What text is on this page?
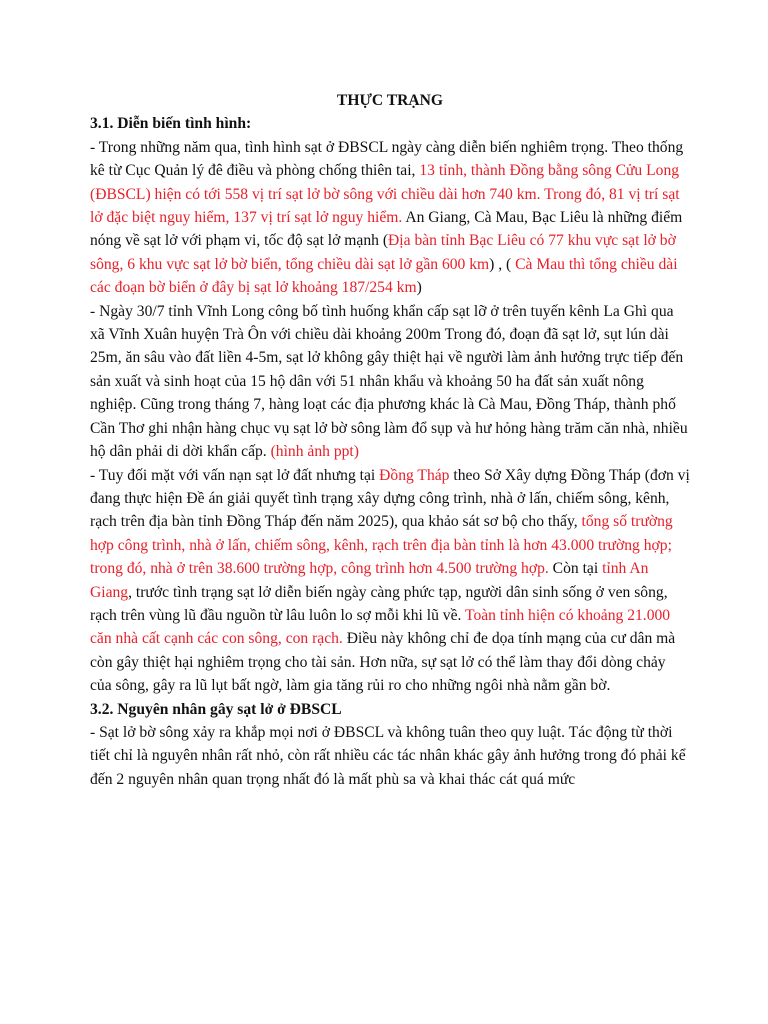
THỰC TRẠNG

3.1. Diễn biến tình hình:

- Trong những năm qua, tình hình sạt ở ĐBSCL ngày càng diễn biến nghiêm trọng. Theo thống kê từ Cục Quản lý đê điều và phòng chống thiên tai, 13 tỉnh, thành Đồng bằng sông Cửu Long (ĐBSCL) hiện có tới 558 vị trí sạt lở bờ sông với chiều dài hơn 740 km. Trong đó, 81 vị trí sạt lở đặc biệt nguy hiểm, 137 vị trí sạt lở nguy hiểm. An Giang, Cà Mau, Bạc Liêu là những điểm nóng về sạt lở với phạm vi, tốc độ sạt lở mạnh (Địa bàn tỉnh Bạc Liêu có 77 khu vực sạt lở bờ sông, 6 khu vực sạt lở bờ biển, tổng chiều dài sạt lở gần 600 km) , ( Cà Mau thì tổng chiều dài các đoạn bờ biển ở đây bị sạt lở khoảng 187/254 km)

- Ngày 30/7 tỉnh Vĩnh Long công bố tình huống khẩn cấp sạt lỡ ở trên tuyến kênh La Ghì qua xã Vĩnh Xuân huyện Trà Ôn với chiều dài khoảng 200m Trong đó, đoạn đã sạt lở, sụt lún dài 25m, ăn sâu vào đất liền 4-5m, sạt lở không gây thiệt hại về người làm ảnh hưởng trực tiếp đến sản xuất và sinh hoạt của 15 hộ dân với 51 nhân khẩu và khoảng 50 ha đất sản xuất nông nghiệp. Cũng trong tháng 7, hàng loạt các địa phương khác là Cà Mau, Đồng Tháp, thành phố Cần Thơ ghi nhận hàng chục vụ sạt lở bờ sông làm đổ sụp và hư hỏng hàng trăm căn nhà, nhiều hộ dân phải di dời khẩn cấp. (hình ảnh ppt)

- Tuy đối mặt với vấn nạn sạt lở đất nhưng tại Đồng Tháp theo Sở Xây dựng Đồng Tháp (đơn vị đang thực hiện Đề án giải quyết tình trạng xây dựng công trình, nhà ở lấn, chiếm sông, kênh, rạch trên địa bàn tỉnh Đồng Tháp đến năm 2025), qua khảo sát sơ bộ cho thấy, tổng số trường hợp công trình, nhà ở lấn, chiếm sông, kênh, rạch trên địa bàn tỉnh là hơn 43.000 trường hợp; trong đó, nhà ở trên 38.600 trường hợp, công trình hơn 4.500 trường hợp. Còn tại tỉnh An Giang, trước tình trạng sạt lở diễn biến ngày càng phức tạp, người dân sinh sống ở ven sông, rạch trên vùng lũ đầu nguồn từ lâu luôn lo sợ mỗi khi lũ về. Toàn tỉnh hiện có khoảng 21.000 căn nhà cất cạnh các con sông, con rạch. Điều này không chỉ đe dọa tính mạng của cư dân mà còn gây thiệt hại nghiêm trọng cho tài sản. Hơn nữa, sự sạt lở có thể làm thay đổi dòng chảy của sông, gây ra lũ lụt bất ngờ, làm gia tăng rủi ro cho những ngôi nhà nằm gần bờ.

3.2. Nguyên nhân gây sạt lở ở ĐBSCL

- Sạt lở bờ sông xảy ra khắp mọi nơi ở ĐBSCL và không tuân theo quy luật. Tác động từ thời tiết chỉ là nguyên nhân rất nhỏ, còn rất nhiều các tác nhân khác gây ảnh hưởng trong đó phải kể đến 2 nguyên nhân quan trọng nhất đó là mất phù sa và khai thác cát quá mức
